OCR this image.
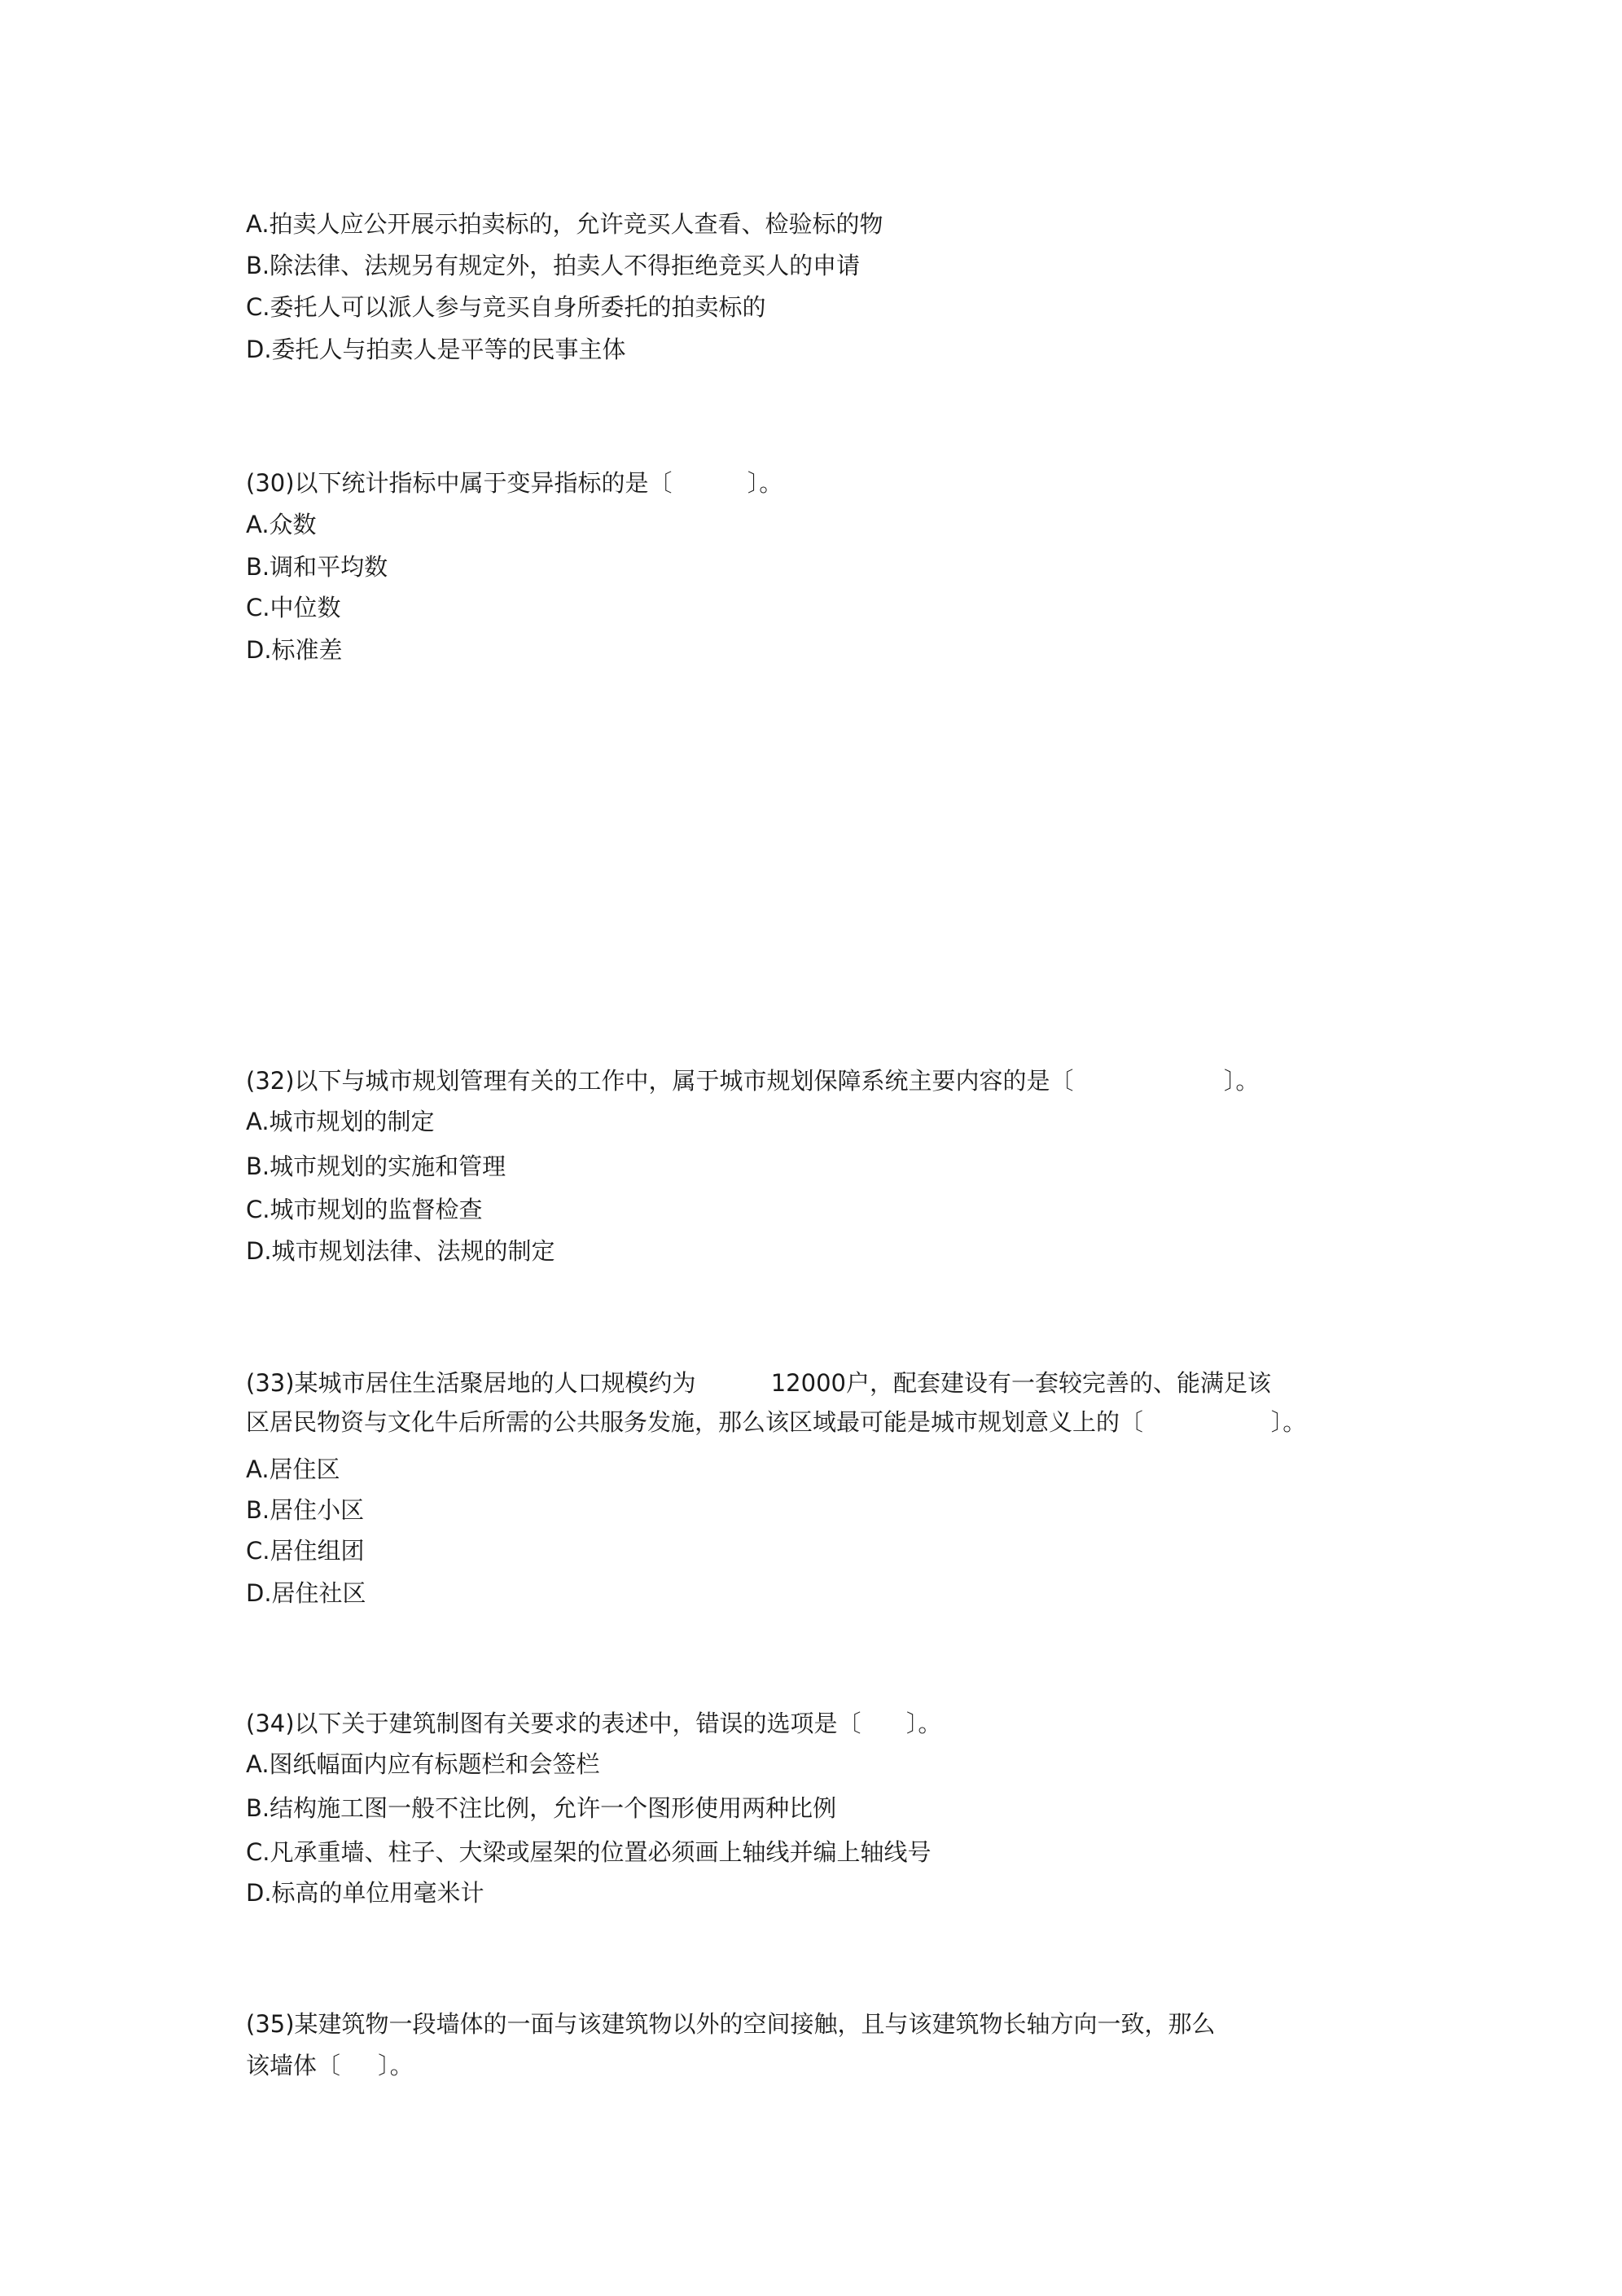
A.拍卖人应公开展示拍卖标的，允许竞买人查看、检验标的物

B.除法律、法规另有规定外，拍卖人不得拒绝竞买人的申请

C.委托人可以派人参与竞买自身所委托的拍卖标的

D.委托人与拍卖人是平等的民事主体

(30)以下统计指标中属于变异指标的是〔          〕。

A.众数

B.调和平均数

C.中位数

D.标准差

(32)以下与城市规划管理有关的工作中，属于城市规划保障系统主要内容的是〔                    〕。

A.城市规划的制定

B.城市规划的实施和管理

C.城市规划的监督检查

D.城市规划法律、法规的制定

(33)某城市居住生活聚居地的人口规模约为          12000户，配套建设有一套较完善的、能满足该

区居民物资与文化牛后所需的公共服务发施，那么该区域最可能是城市规划意义上的〔                 〕。

A.居住区

B.居住小区

C.居住组团

D.居住社区

(34)以下关于建筑制图有关要求的表述中，错误的选项是〔      〕。

A.图纸幅面内应有标题栏和会签栏

B.结构施工图一般不注比例，允许一个图形使用两种比例

C.凡承重墙、柱子、大梁或屋架的位置必须画上轴线并编上轴线号

D.标高的单位用毫米计

(35)某建筑物一段墙体的一面与该建筑物以外的空间接触，且与该建筑物长轴方向一致，那么

该墙体〔     〕。
